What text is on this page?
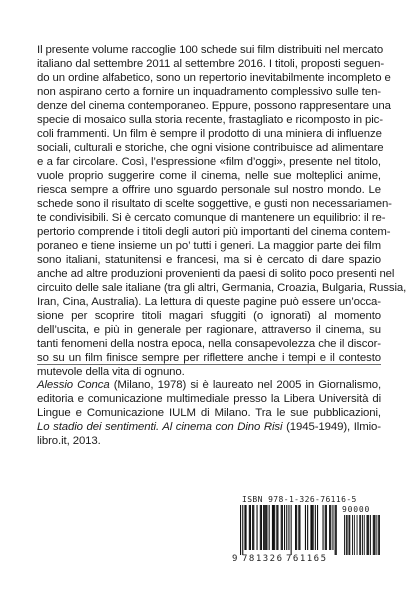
Il presente volume raccoglie 100 schede sui film distribuiti nel mercato
italiano dal settembre 2011 al settembre 2016. I titoli, proposti seguen-
do un ordine alfabetico, sono un repertorio inevitabilmente incompleto e
non aspirano certo a fornire un inquadramento complessivo sulle ten-
denze del cinema contemporaneo. Eppure, possono rappresentare una
specie di mosaico sulla storia recente, frastagliato e ricomposto in pic-
coli frammenti. Un film è sempre il prodotto di una miniera di influenze
sociali, culturali e storiche, che ogni visione contribuisce ad alimentare
e a far circolare. Così, l’espressione «film d’oggi», presente nel titolo,
vuole proprio suggerire come il cinema, nelle sue molteplici anime,
riesca sempre a offrire uno sguardo personale sul nostro mondo. Le
schede sono il risultato di scelte soggettive, e gusti non necessariamen-
te condivisibili. Si è cercato comunque di mantenere un equilibrio: il re-
pertorio comprende i titoli degli autori più importanti del cinema contem-
poraneo e tiene insieme un po’ tutti i generi. La maggior parte dei film
sono italiani, statunitensi e francesi, ma si è cercato di dare spazio
anche ad altre produzioni provenienti da paesi di solito poco presenti nel
circuito delle sale italiane (tra gli altri, Germania, Croazia, Bulgaria, Russia,
Iran, Cina, Australia). La lettura di queste pagine può essere un’occa-
sione per scoprire titoli magari sfuggiti (o ignorati) al momento
dell’uscita, e più in generale per ragionare, attraverso il cinema, su
tanti fenomeni della nostra epoca, nella consapevolezza che il discor-
so su un film finisce sempre per riflettere anche i tempi e il contesto
mutevole della vita di ognuno.
Alessio Conca (Milano, 1978) si è laureato nel 2005 in Giornalismo,
editoria e comunicazione multimediale presso la Libera Università di
Lingue e Comunicazione IULM di Milano. Tra le sue pubblicazioni,
Lo stadio dei sentimenti. Al cinema con Dino Risi (1945-1949), Ilmio-
libro.it, 2013.
ISBN 978-1-326-76116-5
90000
9 781326 761165
